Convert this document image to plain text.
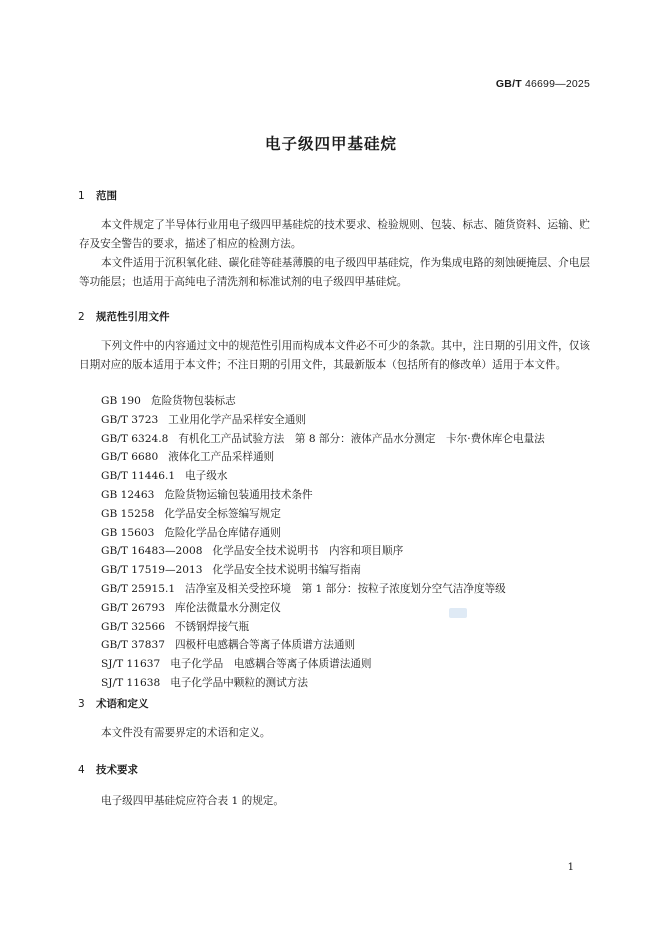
GB/T 46699—2025
电子级四甲基硅烷
1 范围
本文件规定了半导体行业用电子级四甲基硅烷的技术要求、检验规则、包装、标志、随货资料、运输、贮存及安全警告的要求，描述了相应的检测方法。
本文件适用于沉积氧化硅、碳化硅等硅基薄膜的电子级四甲基硅烷，作为集成电路的刻蚀硬掩层、介电层等功能层；也适用于高纯电子清洗剂和标准试剂的电子级四甲基硅烷。
2 规范性引用文件
下列文件中的内容通过文中的规范性引用而构成本文件必不可少的条款。其中，注日期的引用文件，仅该日期对应的版本适用于本文件；不注日期的引用文件，其最新版本（包括所有的修改单）适用于本文件。
GB 190 危险货物包装标志
GB/T 3723 工业用化学产品采样安全通则
GB/T 6324.8 有机化工产品试验方法　第 8 部分：液体产品水分测定　卡尔·费休库仑电量法
GB/T 6680 液体化工产品采样通则
GB/T 11446.1 电子级水
GB 12463 危险货物运输包装通用技术条件
GB 15258 化学品安全标签编写规定
GB 15603 危险化学品仓库储存通则
GB/T 16483—2008 化学品安全技术说明书　内容和项目顺序
GB/T 17519—2013 化学品安全技术说明书编写指南
GB/T 25915.1 洁净室及相关受控环境　第 1 部分：按粒子浓度划分空气洁净度等级
GB/T 26793 库伦法微量水分测定仪
GB/T 32566 不锈钢焊接气瓶
GB/T 37837 四极杆电感耦合等离子体质谱方法通则
SJ/T 11637 电子化学品　电感耦合等离子体质谱法通则
SJ/T 11638 电子化学品中颗粒的测试方法
3 术语和定义
本文件没有需要界定的术语和定义。
4 技术要求
电子级四甲基硅烷应符合表 1 的规定。
1
